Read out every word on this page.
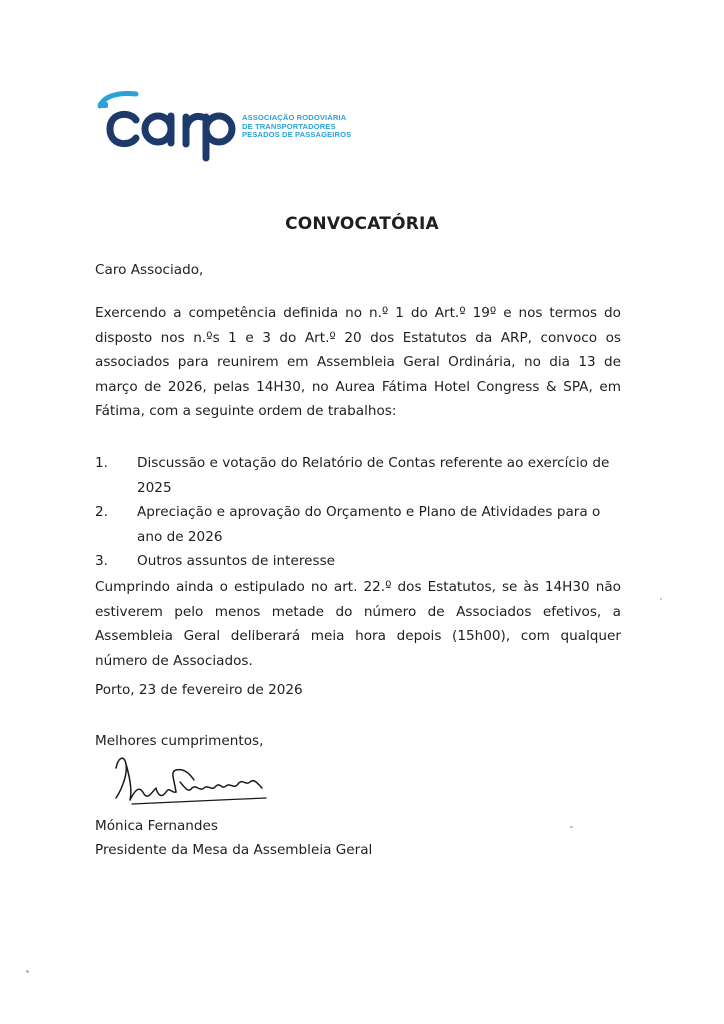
ASSOCIAÇÃO RODOVIÁRIA
DE TRANSPORTADORES
PESADOS DE PASSAGEIROS
CONVOCATÓRIA
Caro Associado,
Exercendo a competência definida no n.º 1 do Art.º 19º e nos termos do disposto nos n.ºs 1 e 3 do Art.º 20 dos Estatutos da ARP, convoco os associados para reunirem em Assembleia Geral Ordinária, no dia 13 de março de 2026, pelas 14H30, no Aurea Fátima Hotel Congress & SPA, em Fátima, com a seguinte ordem de trabalhos:
1. Discussão e votação do Relatório de Contas referente ao exercício de 2025
2. Apreciação e aprovação do Orçamento e Plano de Atividades para o ano de 2026
3. Outros assuntos de interesse
Cumprindo ainda o estipulado no art. 22.º dos Estatutos, se às 14H30 não estiverem pelo menos metade do número de Associados efetivos, a Assembleia Geral deliberará meia hora depois (15h00), com qualquer número de Associados.
Porto, 23 de fevereiro de 2026
Melhores cumprimentos,
Mónica Fernandes
Presidente da Mesa da Assembleia Geral
